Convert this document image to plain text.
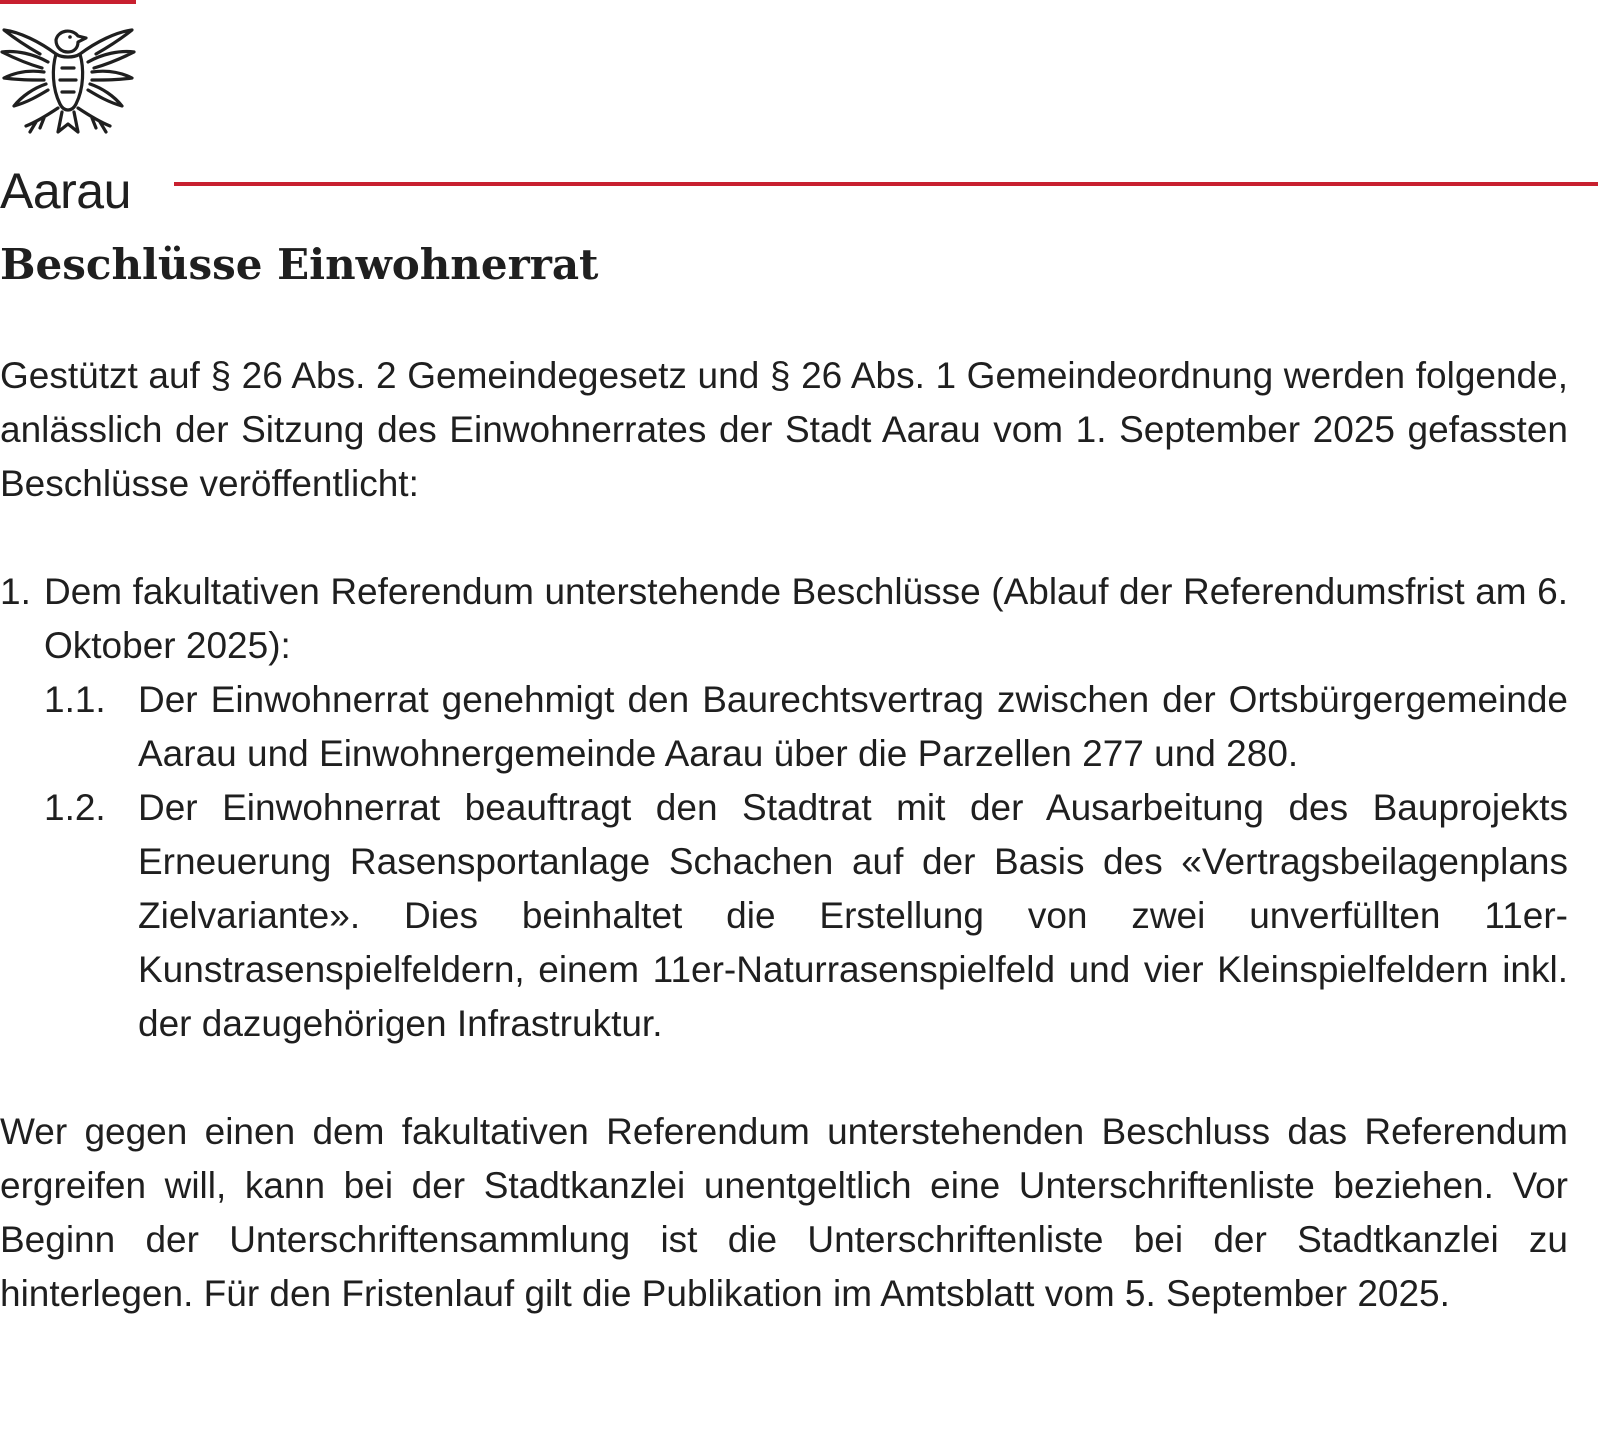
Aarau
Beschlüsse Einwohnerrat

Gestützt auf § 26 Abs. 2 Gemeindegesetz und § 26 Abs. 1 Gemeindeordnung werden folgende, anlässlich der Sitzung des Einwohnerrates der Stadt Aarau vom 1. September 2025 gefassten Beschlüsse veröffentlicht:

1. Dem fakultativen Referendum unterstehende Beschlüsse (Ablauf der Referendumsfrist am 6. Oktober 2025):
1.1. Der Einwohnerrat genehmigt den Baurechtsvertrag zwischen der Ortsbürgergemeinde Aarau und Einwohnergemeinde Aarau über die Parzellen 277 und 280.
1.2. Der Einwohnerrat beauftragt den Stadtrat mit der Ausarbeitung des Bauprojekts Erneuerung Rasensportanlage Schachen auf der Basis des «Vertragsbeilagenplans Zielvariante». Dies beinhaltet die Erstellung von zwei unverfüllten 11er-Kunstrasenspielfeldern, einem 11er-Naturrasenspielfeld und vier Kleinspielfeldern inkl. der dazugehörigen Infrastruktur.

Wer gegen einen dem fakultativen Referendum unterstehenden Beschluss das Referendum ergreifen will, kann bei der Stadtkanzlei unentgeltlich eine Unterschriftenliste beziehen. Vor Beginn der Unterschriftensammlung ist die Unterschriftenliste bei der Stadtkanzlei zu hinterlegen. Für den Fristenlauf gilt die Publikation im Amtsblatt vom 5. September 2025.
